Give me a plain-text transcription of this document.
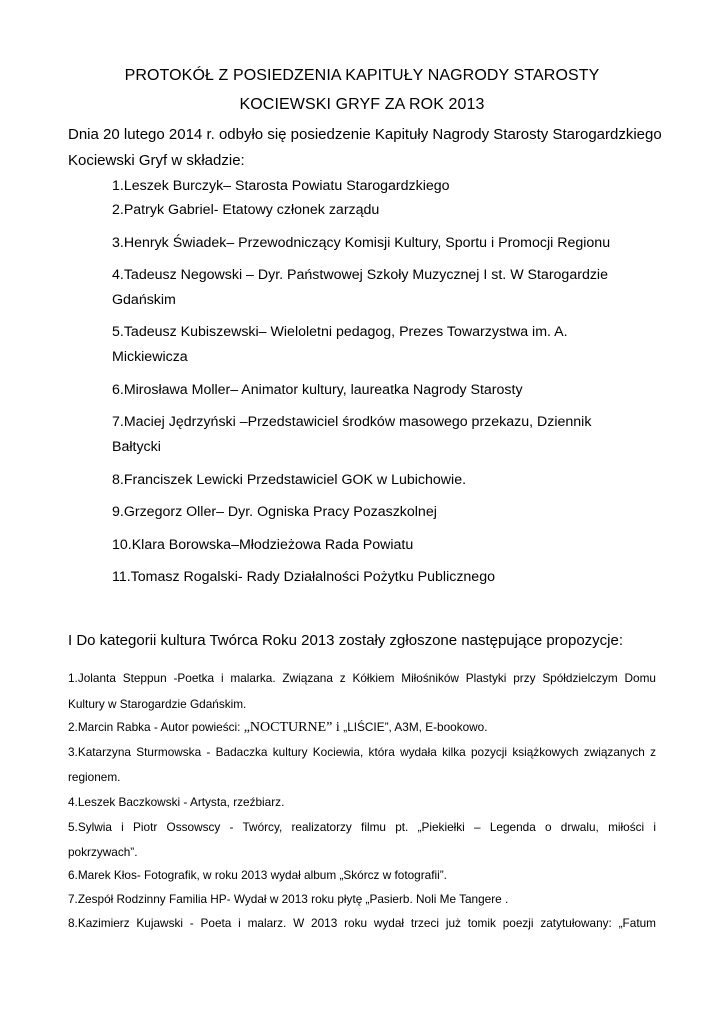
PROTOKÓŁ Z POSIEDZENIA KAPITUŁY NAGRODY STAROSTY
KOCIEWSKI GRYF ZA ROK 2013
Dnia 20 lutego 2014 r. odbyło się posiedzenie Kapituły Nagrody Starosty Starogardzkiego
Kociewski Gryf w składzie:
1.Leszek Burczyk– Starosta Powiatu Starogardzkiego
2.Patryk Gabriel- Etatowy członek zarządu
3.Henryk Świadek– Przewodniczący Komisji Kultury, Sportu i Promocji Regionu
4.Tadeusz Negowski – Dyr. Państwowej Szkoły Muzycznej I st. W Starogardzie
Gdańskim
5.Tadeusz Kubiszewski– Wieloletni pedagog, Prezes Towarzystwa im. A.
Mickiewicza
6.Mirosława Moller– Animator kultury, laureatka Nagrody Starosty
7.Maciej Jędrzyński –Przedstawiciel środków masowego przekazu, Dziennik
Bałtycki
8.Franciszek Lewicki Przedstawiciel GOK w Lubichowie.
9.Grzegorz Oller– Dyr. Ogniska Pracy Pozaszkolnej
10.Klara Borowska–Młodzieżowa Rada Powiatu
11.Tomasz Rogalski- Rady Działalności Pożytku Publicznego
I Do kategorii kultura Twórca Roku 2013 zostały zgłoszone następujące propozycje:
1.Jolanta Steppun -Poetka i malarka. Związana z Kółkiem Miłośników Plastyki przy Spółdzielczym Domu
Kultury w Starogardzie Gdańskim.
2.Marcin Rabka - Autor powieści: „NOCTURNE” i „LIŚCIE”, A3M, E-bookowo.
3.Katarzyna Sturmowska - Badaczka kultury Kociewia, która wydała kilka pozycji książkowych związanych z
regionem.
4.Leszek Baczkowski - Artysta, rzeźbiarz.
5.Sylwia i Piotr Ossowscy - Twórcy, realizatorzy filmu pt. „Piekiełki – Legenda o drwalu, miłości i
pokrzywach”.
6.Marek Kłos- Fotografik, w roku 2013 wydał album „Skórcz w fotografii”.
7.Zespół Rodzinny Familia HP- Wydał w 2013 roku płytę „Pasierb. Noli Me Tangere .
8.Kazimierz Kujawski - Poeta i malarz. W 2013 roku wydał trzeci już tomik poezji zatytułowany: „Fatum
